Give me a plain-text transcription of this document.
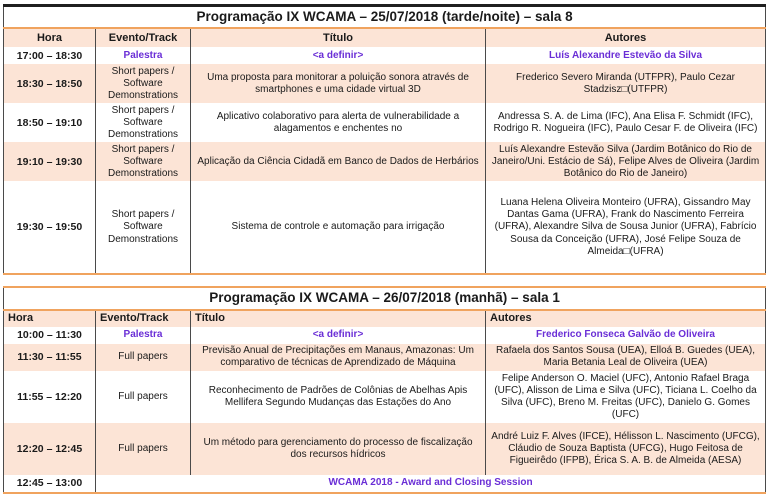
Programação IX WCAMA – 25/07/2018 (tarde/noite) – sala 8			
Hora	Evento/Track	Título	Autores
17:00 – 18:30	Palestra	<a definir>	Luís Alexandre Estevão da Silva
18:30 – 18:50	Short papers / Software Demonstrations	Uma proposta para monitorar a poluição sonora através de smartphones e uma cidade virtual 3D	Frederico Severo Miranda (UTFPR), Paulo Cezar Stadzisz□(UTFPR)
18:50 – 19:10	Short papers / Software Demonstrations	Aplicativo colaborativo para alerta de vulnerabilidade a alagamentos e enchentes no	Andressa S. A. de Lima (IFC), Ana Elisa F. Schmidt (IFC), Rodrigo R. Nogueira (IFC), Paulo Cesar F. de Oliveira (IFC)
19:10 – 19:30	Short papers / Software Demonstrations	Aplicação da Ciência Cidadã em Banco de Dados de Herbários	Luís Alexandre Estevão Silva (Jardim Botânico do Rio de Janeiro/Uni. Estácio de Sá), Felipe Alves de Oliveira (Jardim Botânico do Rio de Janeiro)
19:30 – 19:50	Short papers / Software Demonstrations	Sistema de controle e automação para irrigação	Luana Helena Oliveira Monteiro (UFRA), Gissandro May Dantas Gama (UFRA), Frank do Nascimento Ferreira (UFRA), Alexandre Silva de Sousa Junior (UFRA), Fabrício Sousa da Conceição (UFRA), José Felipe Souza de Almeida□(UFRA)
Programação IX WCAMA – 26/07/2018 (manhã) – sala 1			
Hora	Evento/Track	Título	Autores
10:00 – 11:30	Palestra	<a definir>	Frederico Fonseca Galvão de Oliveira
11:30 – 11:55	Full papers	Previsão Anual de Precipitações em Manaus, Amazonas: Um comparativo de técnicas de Aprendizado de Máquina	Rafaela dos Santos Sousa (UEA), Elloá B. Guedes (UEA), Maria Betania Leal de Oliveira (UEA)
11:55 – 12:20	Full papers	Reconhecimento de Padrões de Colônias de Abelhas Apis Mellifera Segundo Mudanças das Estações do Ano	Felipe Anderson O. Maciel (UFC), Antonio Rafael Braga (UFC), Alisson de Lima e Silva (UFC), Ticiana L. Coelho da Silva (UFC), Breno M. Freitas (UFC), Danielo G. Gomes (UFC)
12:20 – 12:45	Full papers	Um método para gerenciamento do processo de fiscalização dos recursos hídricos	André Luiz F. Alves (IFCE), Hélisson L. Nascimento (UFCG), Cláudio de Souza Baptista (UFCG), Hugo Feitosa de Figueirêdo (IFPB), Érica S. A. B. de Almeida (AESA)
12:45 – 13:00	WCAMA 2018 - Award and Closing Session		
